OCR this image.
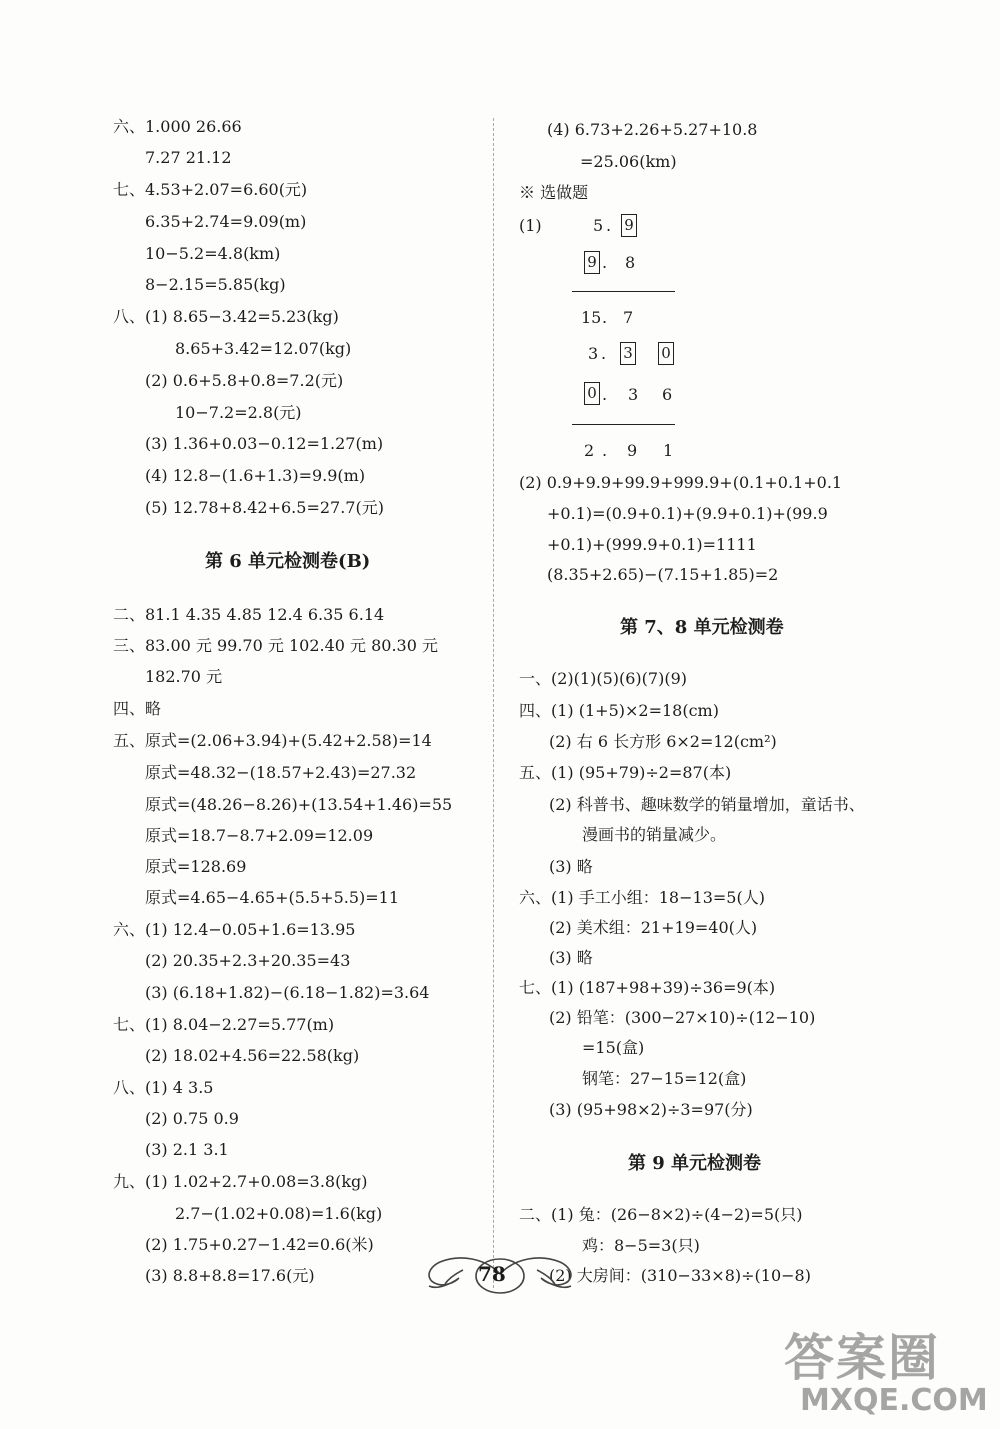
六、1.000 26.66
7.27 21.12
七、4.53+2.07=6.60(元)
6.35+2.74=9.09(m)
10−5.2=4.8(km)
8−2.15=5.85(kg)
八、(1) 8.65−3.42=5.23(kg)
8.65+3.42=12.07(kg)
(2) 0.6+5.8+0.8=7.2(元)
10−7.2=2.8(元)
(3) 1.36+0.03−0.12=1.27(m)
(4) 12.8−(1.6+1.3)=9.9(m)
(5) 12.78+8.42+6.5=27.7(元)
第 6 单元检测卷(B)
二、81.1 4.35 4.85 12.4 6.35 6.14
三、83.00 元 99.70 元 102.40 元 80.30 元
182.70 元
四、略
五、原式=(2.06+3.94)+(5.42+2.58)=14
原式=48.32−(18.57+2.43)=27.32
原式=(48.26−8.26)+(13.54+1.46)=55
原式=18.7−8.7+2.09=12.09
原式=128.69
原式=4.65−4.65+(5.5+5.5)=11
六、(1) 12.4−0.05+1.6=13.95
(2) 20.35+2.3+20.35=43
(3) (6.18+1.82)−(6.18−1.82)=3.64
七、(1) 8.04−2.27=5.77(m)
(2) 18.02+4.56=22.58(kg)
八、(1) 4 3.5
(2) 0.75 0.9
(3) 2.1 3.1
九、(1) 1.02+2.7+0.08=3.8(kg)
2.7−(1.02+0.08)=1.6(kg)
(2) 1.75+0.27−1.42=0.6(米)
(3) 8.8+8.8=17.6(元)
(4) 6.73+2.26+5.27+10.8
=25.06(km)
※ 选做题
(1)	5 . 9
9 . 8
15 . 7
3 . 3 0
0 . 3 6
2 . 9 1
(2) 0.9+9.9+99.9+999.9+(0.1+0.1+0.1
+0.1)=(0.9+0.1)+(9.9+0.1)+(99.9
+0.1)+(999.9+0.1)=1111
(8.35+2.65)−(7.15+1.85)=2
第 7、8 单元检测卷
一、(2)(1)(5)(6)(7)(9)
四、(1) (1+5)×2=18(cm)
(2) 右 6 长方形 6×2=12(cm²)
五、(1) (95+79)÷2=87(本)
(2) 科普书、趣味数学的销量增加，童话书、
漫画书的销量减少。
(3) 略
六、(1) 手工小组：18−13=5(人)
(2) 美术组：21+19=40(人)
(3) 略
七、(1) (187+98+39)÷36=9(本)
(2) 铅笔：(300−27×10)÷(12−10)
=15(盒)
钢笔：27−15=12(盒)
(3) (95+98×2)÷3=97(分)
第 9 单元检测卷
二、(1) 兔：(26−8×2)÷(4−2)=5(只)
鸡：8−5=3(只)
(2) 大房间：(310−33×8)÷(10−8)
78
答案圈
MXQE.COM
